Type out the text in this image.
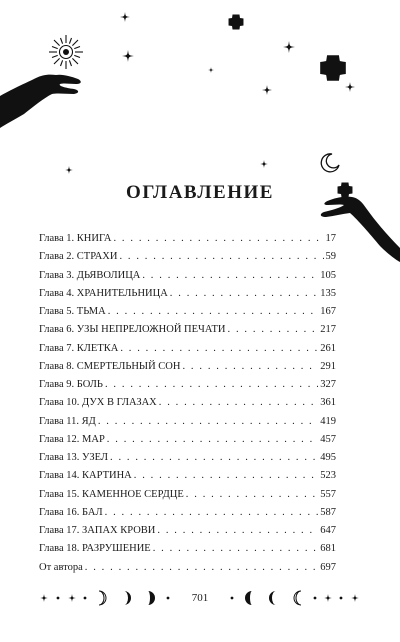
ОГЛАВЛЕНИЕ
Глава 1. КНИГА . . .	17
Глава 2. СТРАХИ . . .	59
Глава 3. ДЬЯВОЛИЦА . . .	105
Глава 4. ХРАНИТЕЛЬНИЦА . . .	135
Глава 5. ТЬМА . . .	167
Глава 6. УЗЫ НЕПРЕЛОЖНОЙ ПЕЧАТИ . . .	217
Глава 7. КЛЕТКА . . .	261
Глава 8. СМЕРТЕЛЬНЫЙ СОН . . .	291
Глава 9. БОЛЬ . . .	327
Глава 10. ДУХ В ГЛАЗАХ . . .	361
Глава 11. ЯД . . .	419
Глава 12. МАР . . .	457
Глава 13. УЗЕЛ . . .	495
Глава 14. КАРТИНА . . .	523
Глава 15. КАМЕННОЕ СЕРДЦЕ . . .	557
Глава 16. БАЛ . . .	587
Глава 17. ЗАПАХ КРОВИ . . .	647
Глава 18. РАЗРУШЕНИЕ . . .	681
От автора . . .	697
701
